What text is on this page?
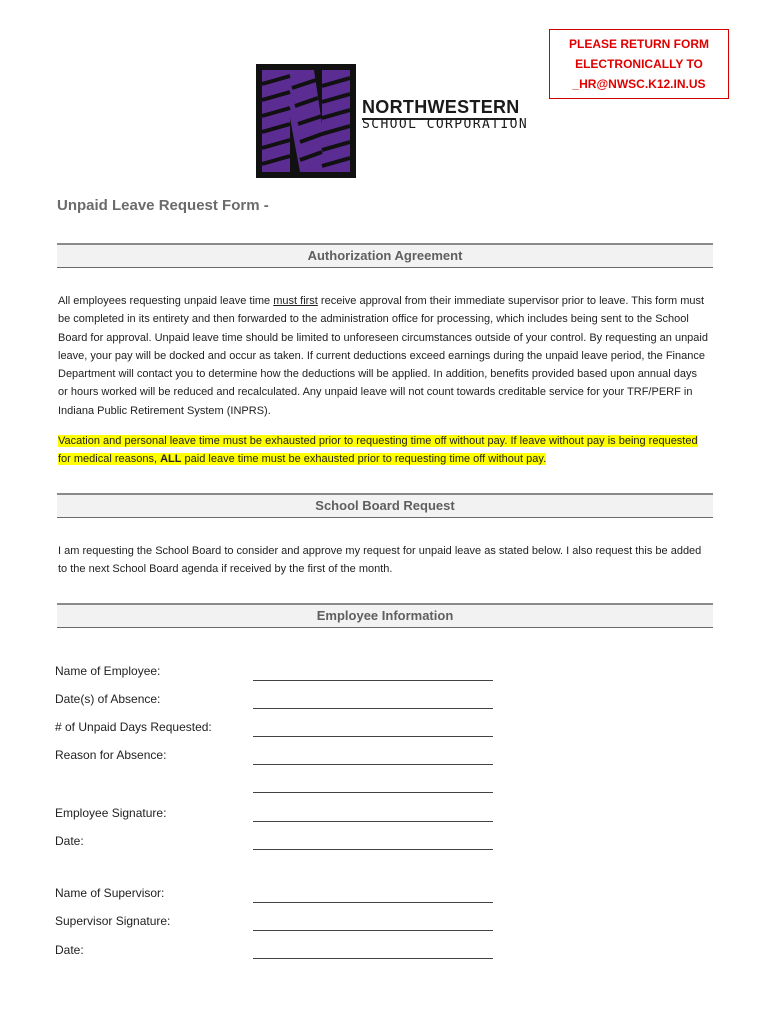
PLEASE RETURN FORM
ELECTRONICALLY TO
_HR@NWSC.K12.IN.US
NORTHWESTERN
SCHOOL CORPORATION
Unpaid Leave Request Form -
Authorization Agreement
All employees requesting unpaid leave time must first receive approval from their immediate supervisor prior to leave. This form must be completed in its entirety and then forwarded to the administration office for processing, which includes being sent to the School Board for approval. Unpaid leave time should be limited to unforeseen circumstances outside of your control. By requesting an unpaid leave, your pay will be docked and occur as taken. If current deductions exceed earnings during the unpaid leave period, the Finance Department will contact you to determine how the deductions will be applied. In addition, benefits provided based upon annual days or hours worked will be reduced and recalculated. Any unpaid leave will not count towards creditable service for your TRF/PERF in Indiana Public Retirement System (INPRS).
Vacation and personal leave time must be exhausted prior to requesting time off without pay. If leave without pay is being requested for medical reasons, ALL paid leave time must be exhausted prior to requesting time off without pay.
School Board Request
I am requesting the School Board to consider and approve my request for unpaid leave as stated below. I also request this be added to the next School Board agenda if received by the first of the month.
Employee Information
Name of Employee:
Date(s) of Absence:
# of Unpaid Days Requested:
Reason for Absence:
Employee Signature:
Date:
Name of Supervisor:
Supervisor Signature:
Date:
